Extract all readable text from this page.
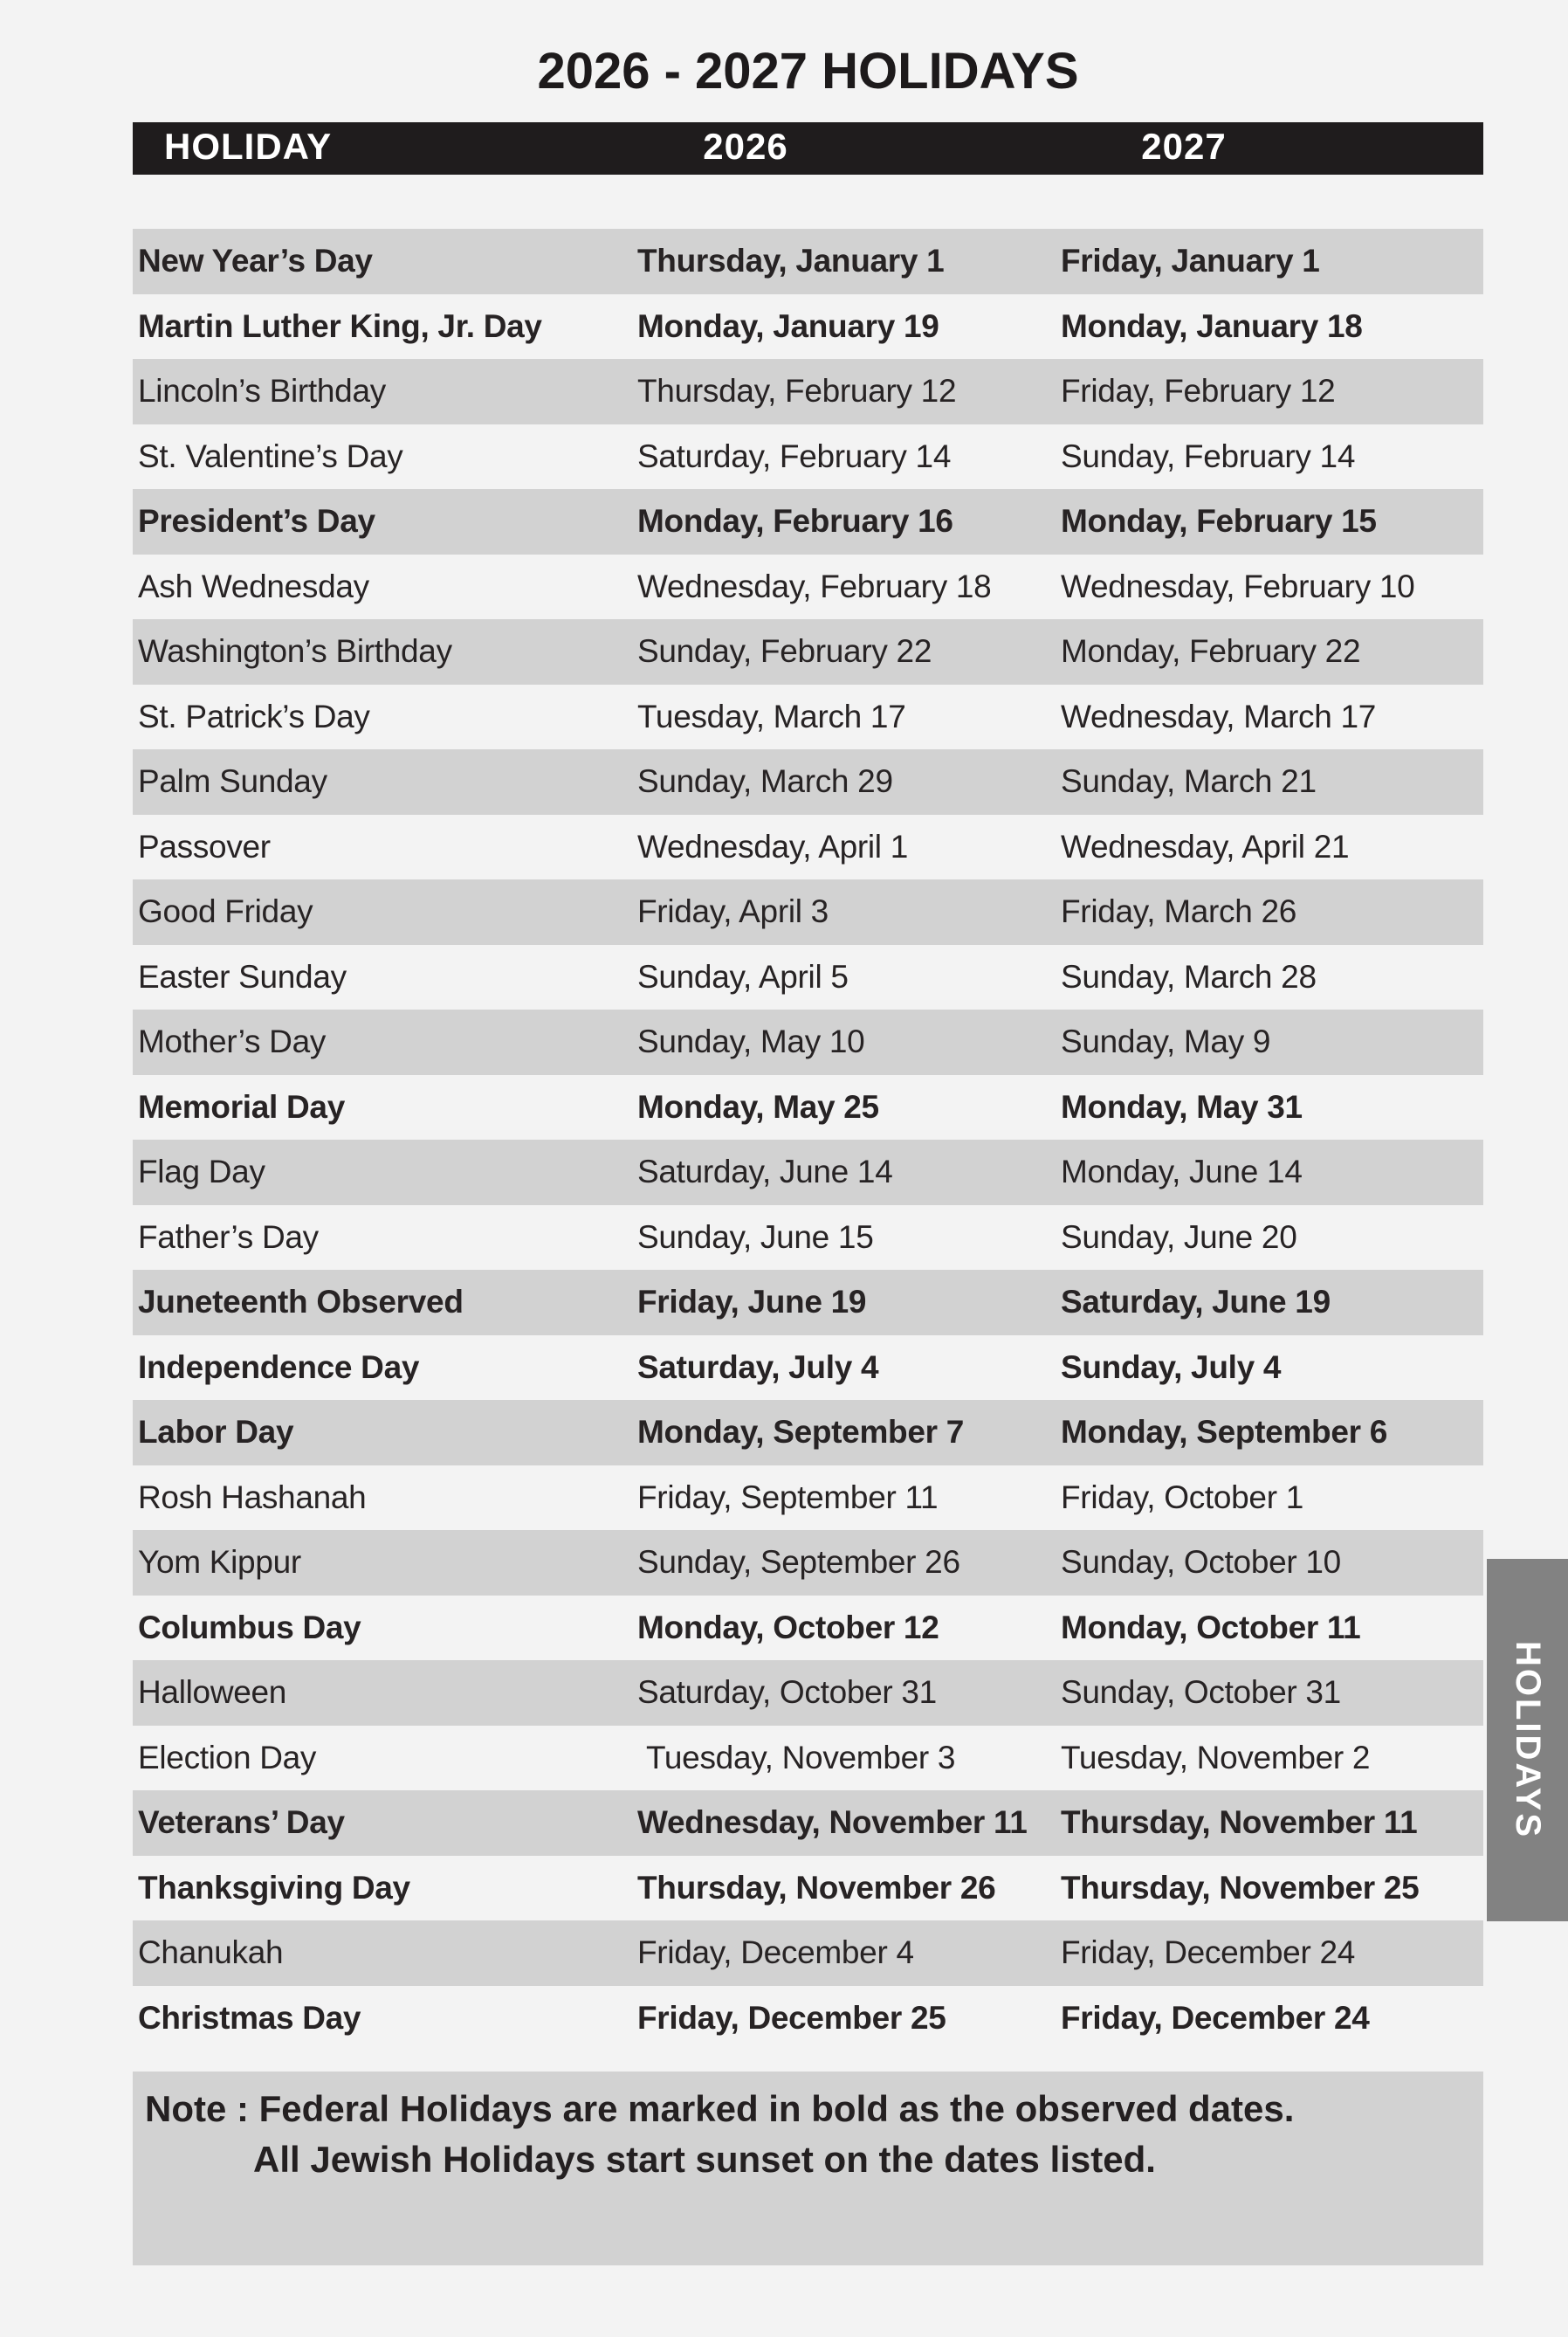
2026 - 2027 HOLIDAYS
HOLIDAY	2026	2027
New Year’s Day	Thursday, January 1	Friday, January 1
Martin Luther King, Jr. Day	Monday, January 19	Monday, January 18
Lincoln’s Birthday	Thursday, February 12	Friday, February 12
St. Valentine’s Day	Saturday, February 14	Sunday, February 14
President’s Day	Monday, February 16	Monday, February 15
Ash Wednesday	Wednesday, February 18	Wednesday, February 10
Washington’s Birthday	Sunday, February 22	Monday, February 22
St. Patrick’s Day	Tuesday, March 17	Wednesday, March 17
Palm Sunday	Sunday, March 29	Sunday, March 21
Passover	Wednesday, April 1	Wednesday, April 21
Good Friday	Friday, April 3	Friday, March 26
Easter Sunday	Sunday, April 5	Sunday, March 28
Mother’s Day	Sunday, May 10	Sunday, May 9
Memorial Day	Monday, May 25	Monday, May 31
Flag Day	Saturday, June 14	Monday, June 14
Father’s Day	Sunday, June 15	Sunday, June 20
Juneteenth Observed	Friday, June 19	Saturday, June 19
Independence Day	Saturday, July 4	Sunday, July 4
Labor Day	Monday, September 7	Monday, September 6
Rosh Hashanah	Friday, September 11	Friday, October 1
Yom Kippur	Sunday, September 26	Sunday, October 10
Columbus Day	Monday, October 12	Monday, October 11
Halloween	Saturday, October 31	Sunday, October 31
Election Day	Tuesday, November 3	Tuesday, November 2
Veterans’ Day	Wednesday, November 11	Thursday, November 11
Thanksgiving Day	Thursday, November 26	Thursday, November 25
Chanukah	Friday, December 4	Friday, December 24
Christmas Day	Friday, December 25	Friday, December 24

Note : Federal Holidays are marked in bold as the observed dates.

All Jewish Holidays start sunset on the dates listed.

HOLIDAYS
